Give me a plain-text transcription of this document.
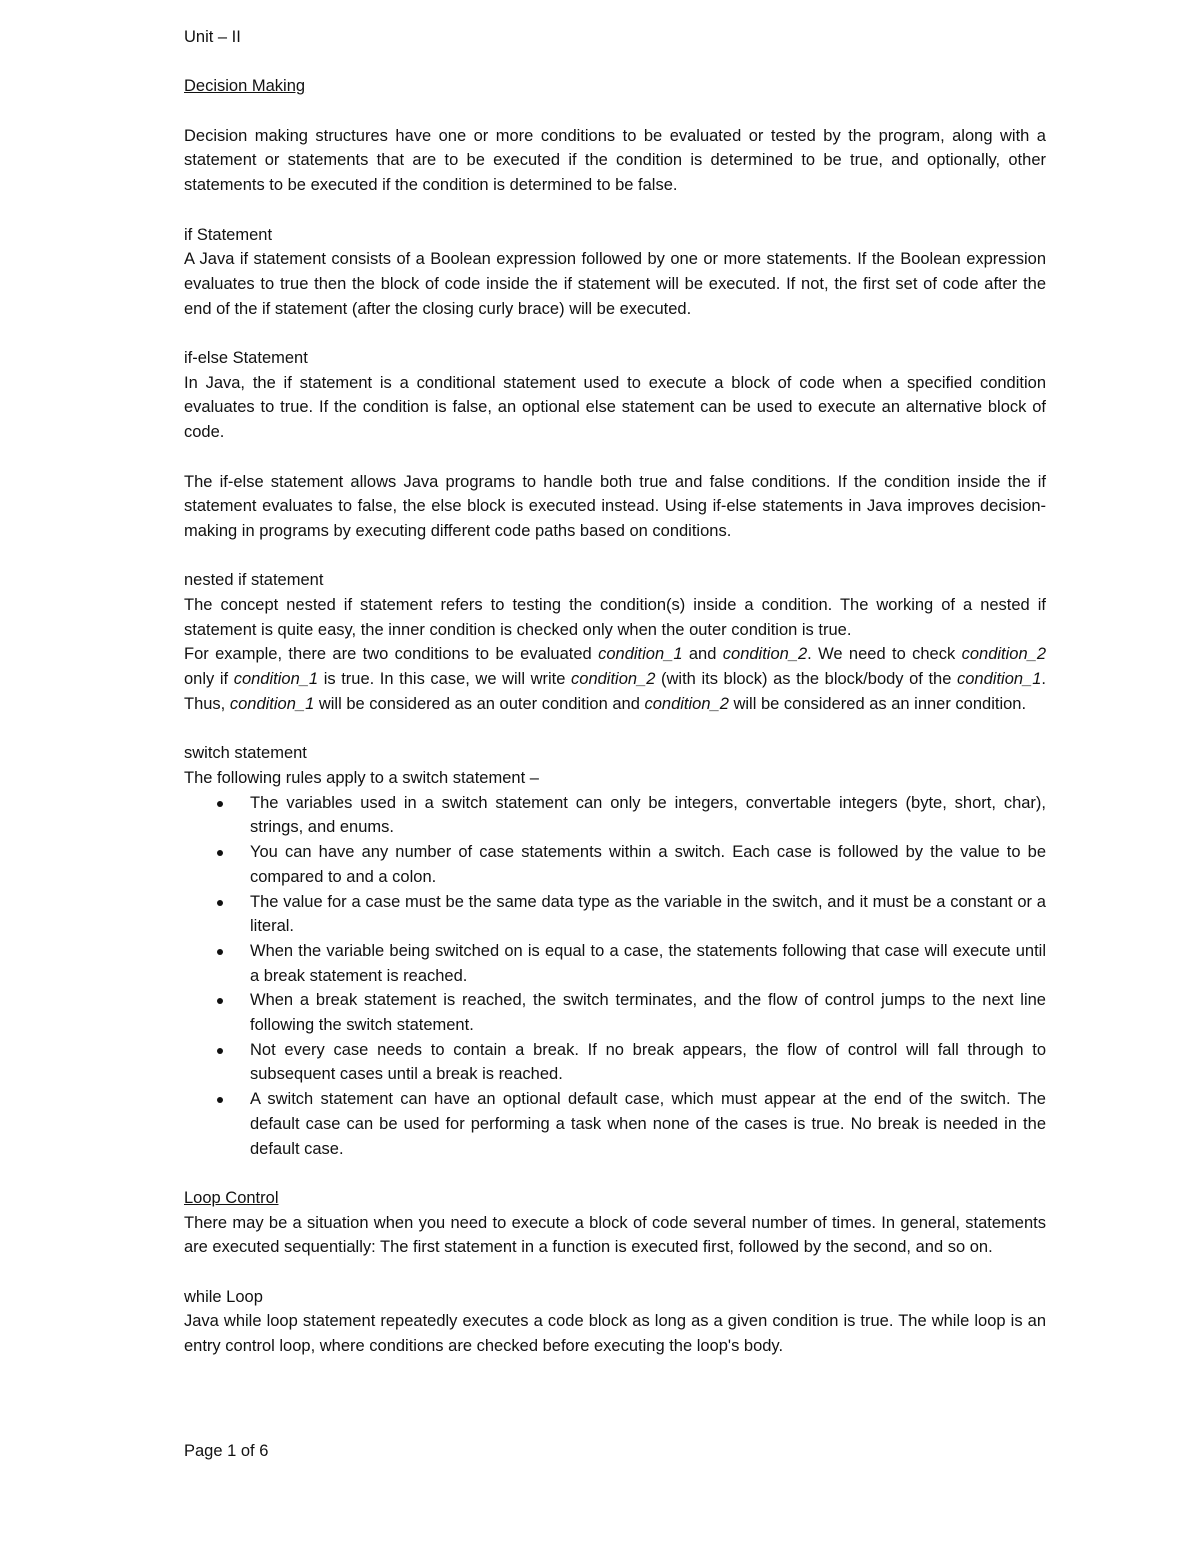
Unit – II

Decision Making

Decision making structures have one or more conditions to be evaluated or tested by the program, along with a statement or statements that are to be executed if the condition is determined to be true, and optionally, other statements to be executed if the condition is determined to be false.

if Statement

A Java if statement consists of a Boolean expression followed by one or more statements. If the Boolean expression evaluates to true then the block of code inside the if statement will be executed. If not, the first set of code after the end of the if statement (after the closing curly brace) will be executed.

if-else Statement

In Java, the if statement is a conditional statement used to execute a block of code when a specified condition evaluates to true. If the condition is false, an optional else statement can be used to execute an alternative block of code.

The if-else statement allows Java programs to handle both true and false conditions. If the condition inside the if statement evaluates to false, the else block is executed instead. Using if-else statements in Java improves decision-making in programs by executing different code paths based on conditions.

nested if statement

The concept nested if statement refers to testing the condition(s) inside a condition. The working of a nested if statement is quite easy, the inner condition is checked only when the outer condition is true.

For example, there are two conditions to be evaluated condition_1 and condition_2. We need to check condition_2 only if condition_1 is true. In this case, we will write condition_2 (with its block) as the block/body of the condition_1. Thus, condition_1 will be considered as an outer condition and condition_2 will be considered as an inner condition.

switch statement

The following rules apply to a switch statement –

The variables used in a switch statement can only be integers, convertable integers (byte, short, char), strings, and enums.
You can have any number of case statements within a switch. Each case is followed by the value to be compared to and a colon.
The value for a case must be the same data type as the variable in the switch, and it must be a constant or a literal.
When the variable being switched on is equal to a case, the statements following that case will execute until a break statement is reached.
When a break statement is reached, the switch terminates, and the flow of control jumps to the next line following the switch statement.
Not every case needs to contain a break. If no break appears, the flow of control will fall through to subsequent cases until a break is reached.
A switch statement can have an optional default case, which must appear at the end of the switch. The default case can be used for performing a task when none of the cases is true. No break is needed in the default case.

Loop Control

There may be a situation when you need to execute a block of code several number of times. In general, statements are executed sequentially: The first statement in a function is executed first, followed by the second, and so on.

while Loop

Java while loop statement repeatedly executes a code block as long as a given condition is true. The while loop is an entry control loop, where conditions are checked before executing the loop's body.

Page 1 of 6
